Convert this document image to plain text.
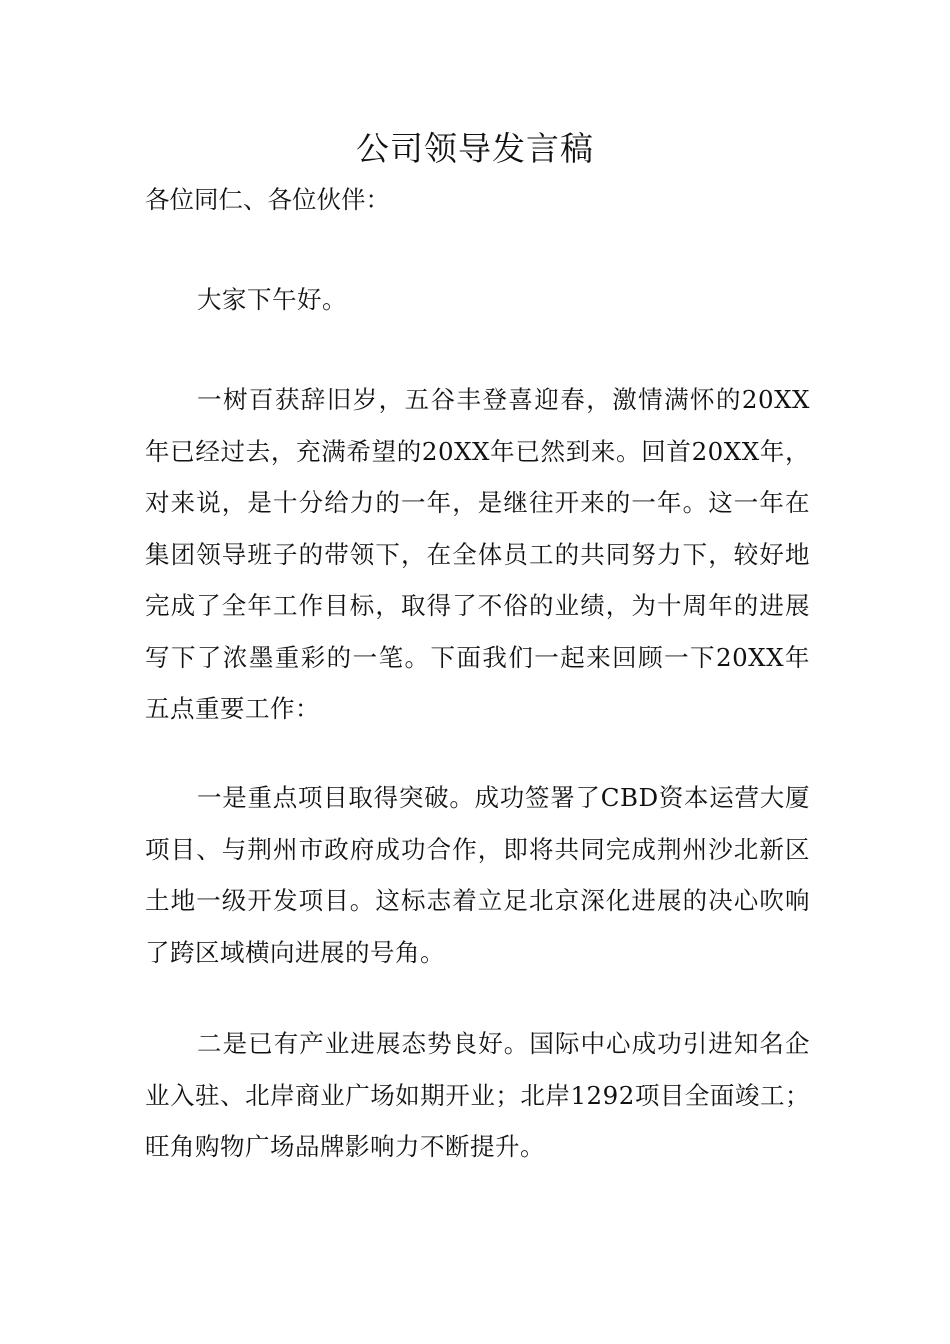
公司领导发言稿

各位同仁、各位伙伴：

大家下午好。

一树百获辞旧岁，五谷丰登喜迎春，激情满怀的20XX年已经过去，充满希望的20XX年已然到来。回首20XX年，对来说，是十分给力的一年，是继往开来的一年。这一年在集团领导班子的带领下，在全体员工的共同努力下，较好地完成了全年工作目标，取得了不俗的业绩，为十周年的进展写下了浓墨重彩的一笔。下面我们一起来回顾一下20XX年五点重要工作：

一是重点项目取得突破。成功签署了CBD资本运营大厦项目、与荆州市政府成功合作，即将共同完成荆州沙北新区土地一级开发项目。这标志着立足北京深化进展的决心吹响了跨区域横向进展的号角。

二是已有产业进展态势良好。国际中心成功引进知名企业入驻、北岸商业广场如期开业；北岸1292项目全面竣工；旺角购物广场品牌影响力不断提升。
